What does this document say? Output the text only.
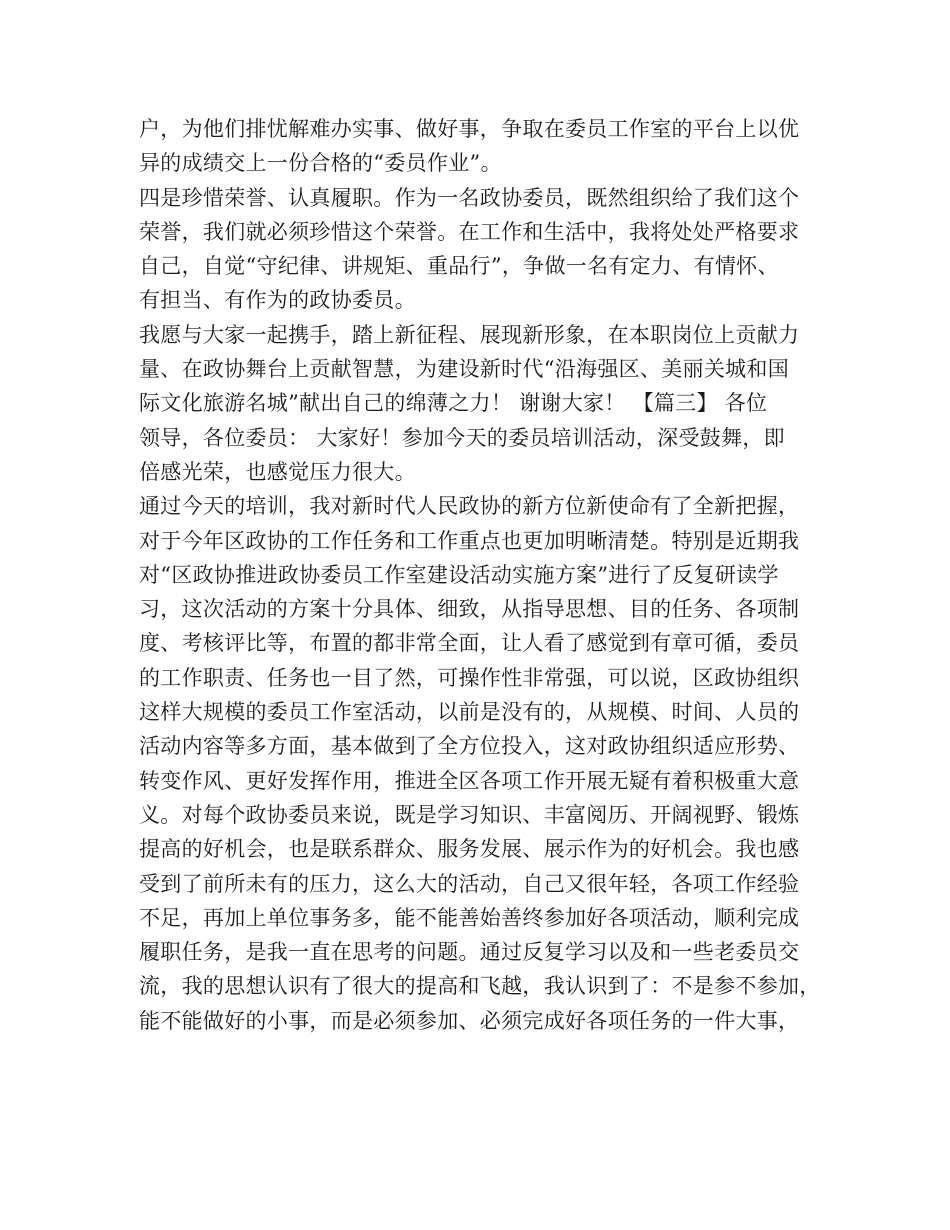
户，为他们排忧解难办实事、做好事，争取在委员工作室的平台上以优
异的成绩交上一份合格的“委员作业”。
四是珍惜荣誉、认真履职。作为一名政协委员，既然组织给了我们这个
荣誉，我们就必须珍惜这个荣誉。在工作和生活中，我将处处严格要求
自己，自觉“守纪律、讲规矩、重品行”，争做一名有定力、有情怀、
有担当、有作为的政协委员。
我愿与大家一起携手，踏上新征程、展现新形象，在本职岗位上贡献力
量、在政协舞台上贡献智慧，为建设新时代“沿海强区、美丽关城和国
际文化旅游名城”献出自己的绵薄之力！ 谢谢大家！ 【篇三】 各位
领导，各位委员： 大家好！参加今天的委员培训活动，深受鼓舞，即
倍感光荣，也感觉压力很大。
通过今天的培训，我对新时代人民政协的新方位新使命有了全新把握，
对于今年区政协的工作任务和工作重点也更加明晰清楚。特别是近期我
对“区政协推进政协委员工作室建设活动实施方案”进行了反复研读学
习，这次活动的方案十分具体、细致，从指导思想、目的任务、各项制
度、考核评比等，布置的都非常全面，让人看了感觉到有章可循，委员
的工作职责、任务也一目了然，可操作性非常强，可以说，区政协组织
这样大规模的委员工作室活动，以前是没有的，从规模、时间、人员的
活动内容等多方面，基本做到了全方位投入，这对政协组织适应形势、
转变作风、更好发挥作用，推进全区各项工作开展无疑有着积极重大意
义。对每个政协委员来说，既是学习知识、丰富阅历、开阔视野、锻炼
提高的好机会，也是联系群众、服务发展、展示作为的好机会。我也感
受到了前所未有的压力，这么大的活动，自己又很年轻，各项工作经验
不足，再加上单位事务多，能不能善始善终参加好各项活动，顺利完成
履职任务，是我一直在思考的问题。通过反复学习以及和一些老委员交
流，我的思想认识有了很大的提高和飞越，我认识到了：不是参不参加，
能不能做好的小事，而是必须参加、必须完成好各项任务的一件大事，
